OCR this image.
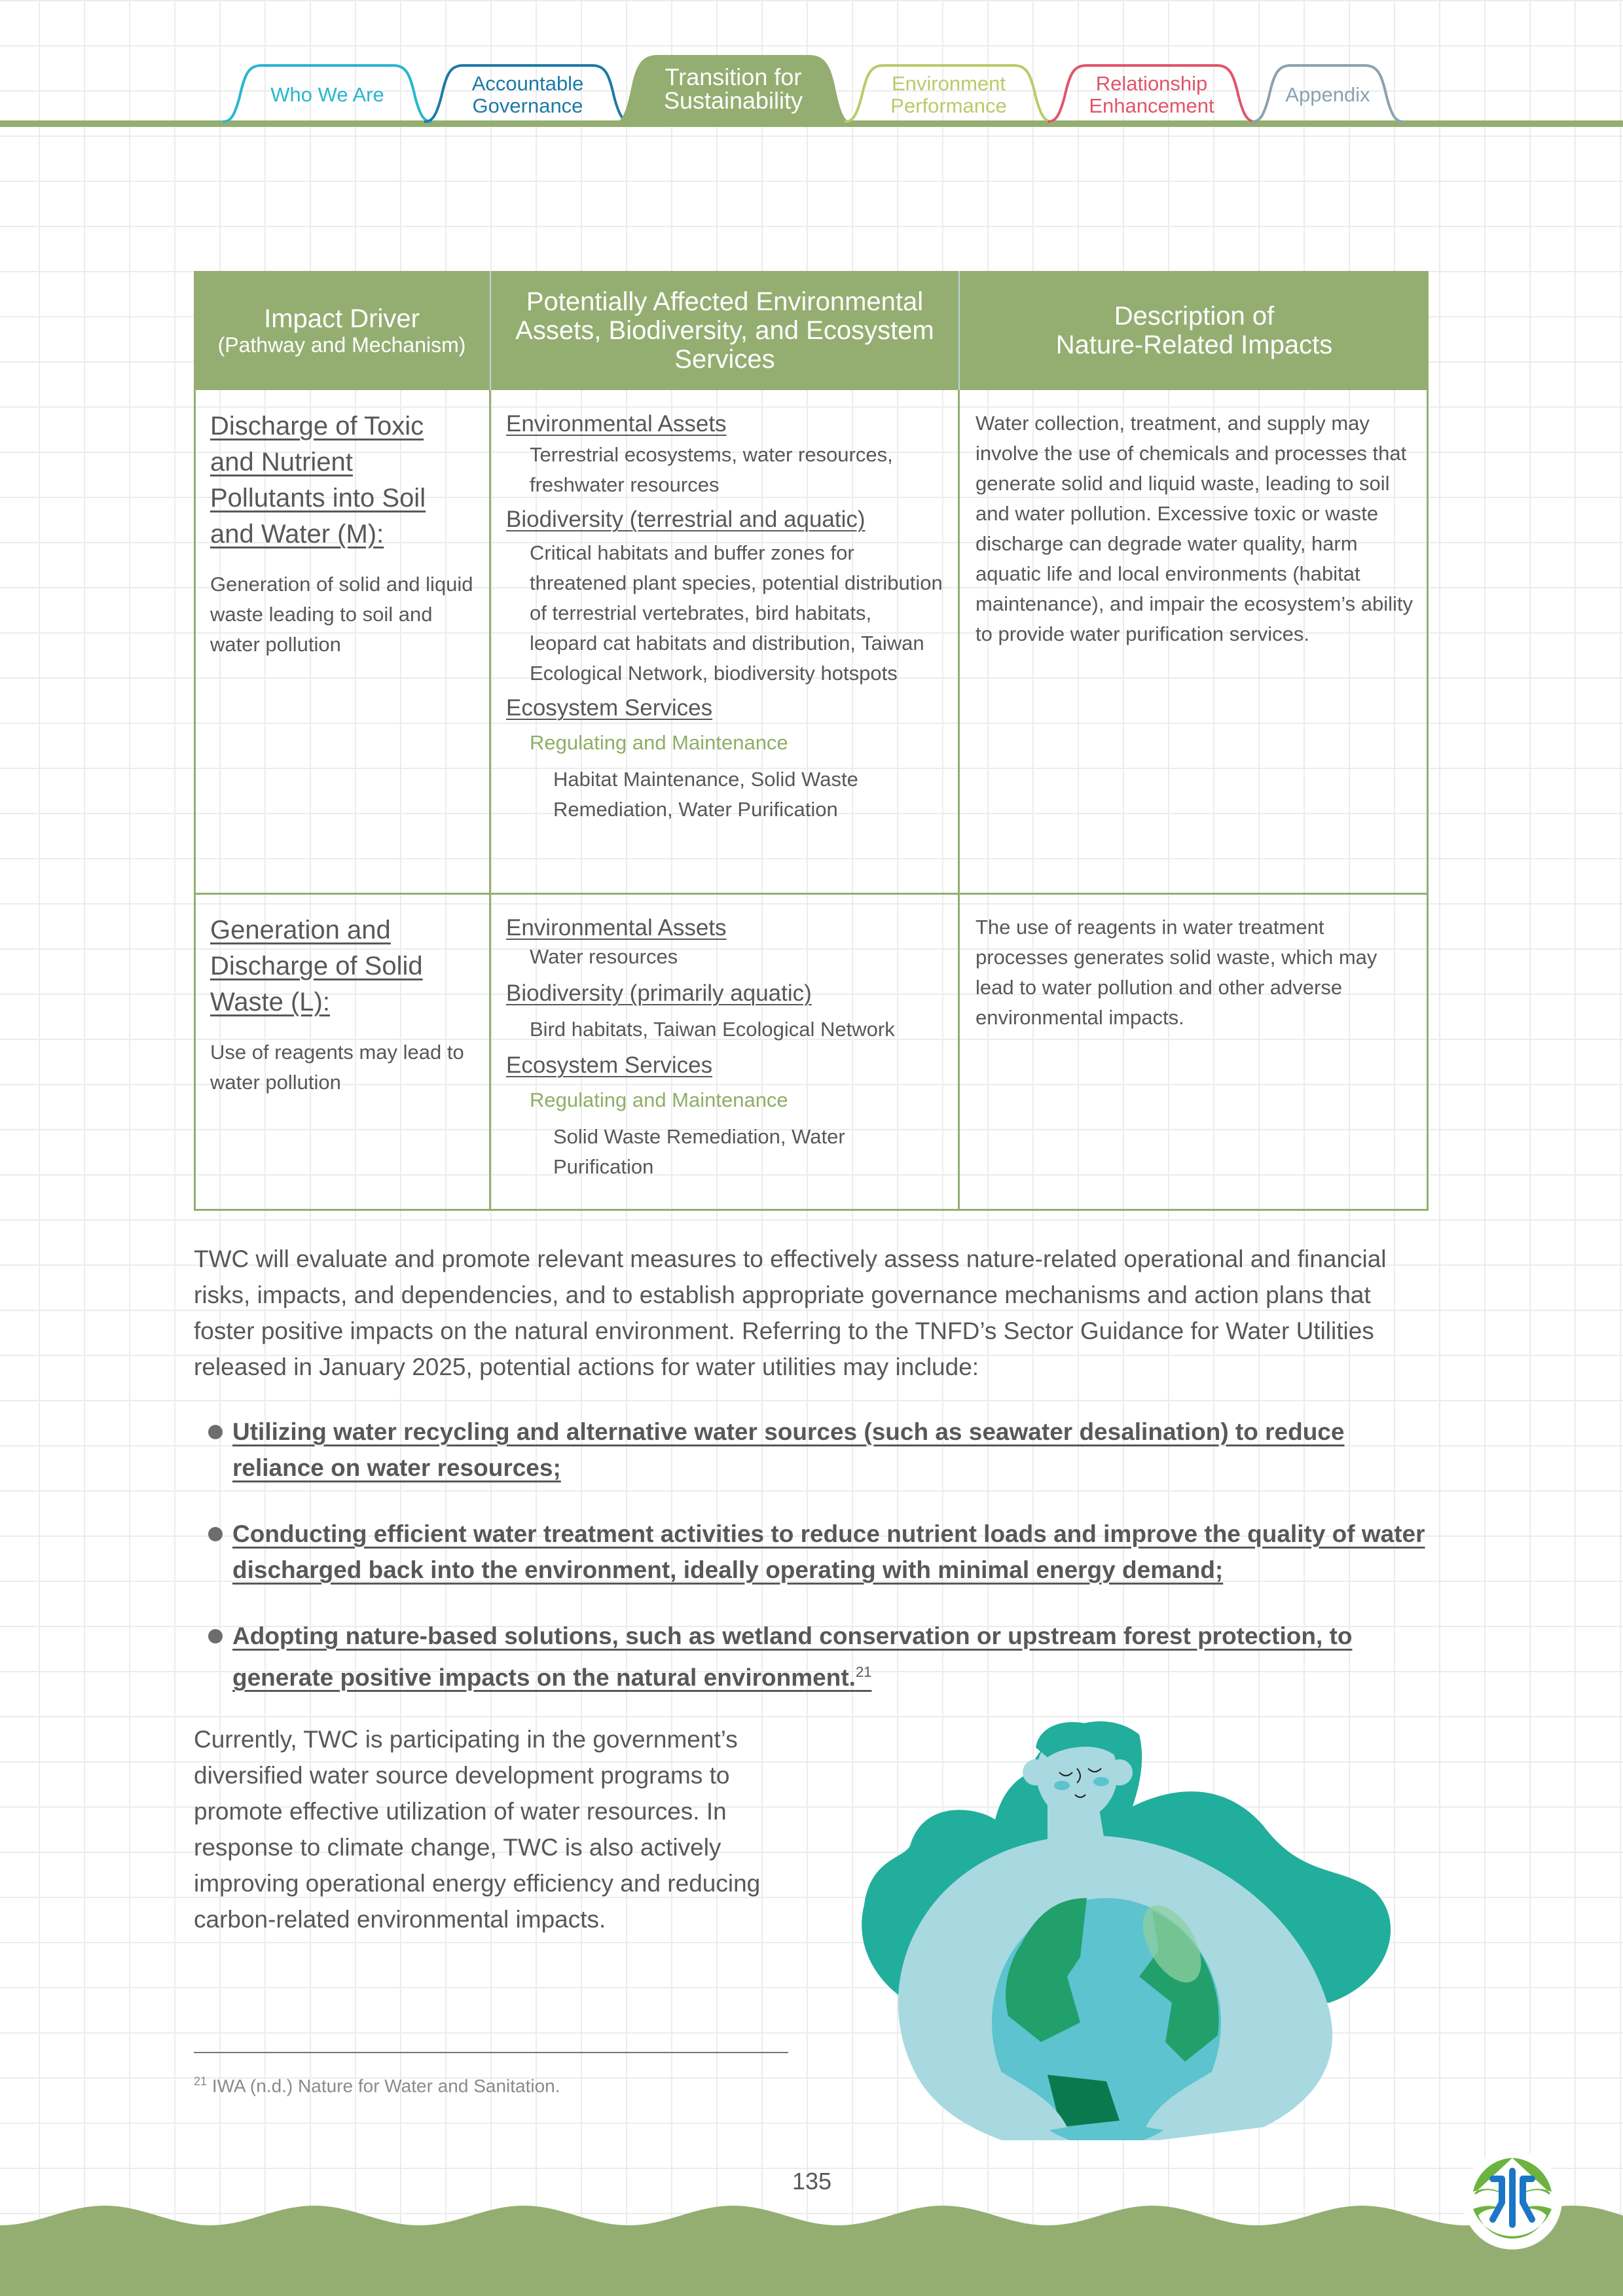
Who We Are	Accountable
Governance
Transition for
Sustainability
Environment
Performance
Relationship
Enhancement	Appendix
Impact Driver
(Pathway and Mechanism)
Potentially Affected Environmental
Assets, Biodiversity, and Ecosystem
Services
Description of
Nature-Related Impacts
Discharge of Toxic
and Nutrient
Pollutants into Soil
and Water (M):
Generation of solid and liquid waste leading to soil and water pollution
Environmental Assets
Terrestrial ecosystems, water resources, freshwater resources
Biodiversity (terrestrial and aquatic)
Critical habitats and buffer zones for threatened plant species, potential distribution of terrestrial vertebrates, bird habitats, leopard cat habitats and distribution, Taiwan Ecological Network, biodiversity hotspots
Ecosystem Services
Regulating and Maintenance
Habitat Maintenance, Solid Waste Remediation, Water Purification
Water collection, treatment, and supply may involve the use of chemicals and processes that generate solid and liquid waste, leading to soil and water pollution. Excessive toxic or waste discharge can degrade water quality, harm aquatic life and local environments (habitat maintenance), and impair the ecosystem’s ability to provide water purification services.
Generation and
Discharge of Solid
Waste (L):
Use of reagents may lead to water pollution
Environmental Assets
Water resources
Biodiversity (primarily aquatic)
Bird habitats, Taiwan Ecological Network
Ecosystem Services
Regulating and Maintenance
Solid Waste Remediation, Water Purification
The use of reagents in water treatment processes generates solid waste, which may lead to water pollution and other adverse environmental impacts.
TWC will evaluate and promote relevant measures to effectively assess nature-related operational and financial risks, impacts, and dependencies, and to establish appropriate governance mechanisms and action plans that foster positive impacts on the natural environment. Referring to the TNFD’s Sector Guidance for Water Utilities released in January 2025, potential actions for water utilities may include:
Utilizing water recycling and alternative water sources (such as seawater desalination) to reduce reliance on water resources;
Conducting efficient water treatment activities to reduce nutrient loads and improve the quality of water discharged back into the environment, ideally operating with minimal energy demand;
Adopting nature-based solutions, such as wetland conservation or upstream forest protection, to generate positive impacts on the natural environment.$^{21}$
Currently, TWC is participating in the government’s diversified water source development programs to promote effective utilization of water resources. In response to climate change, TWC is also actively improving operational energy efficiency and reducing carbon-related environmental impacts.
$^{21}$ IWA (n.d.) Nature for Water and Sanitation.
135
